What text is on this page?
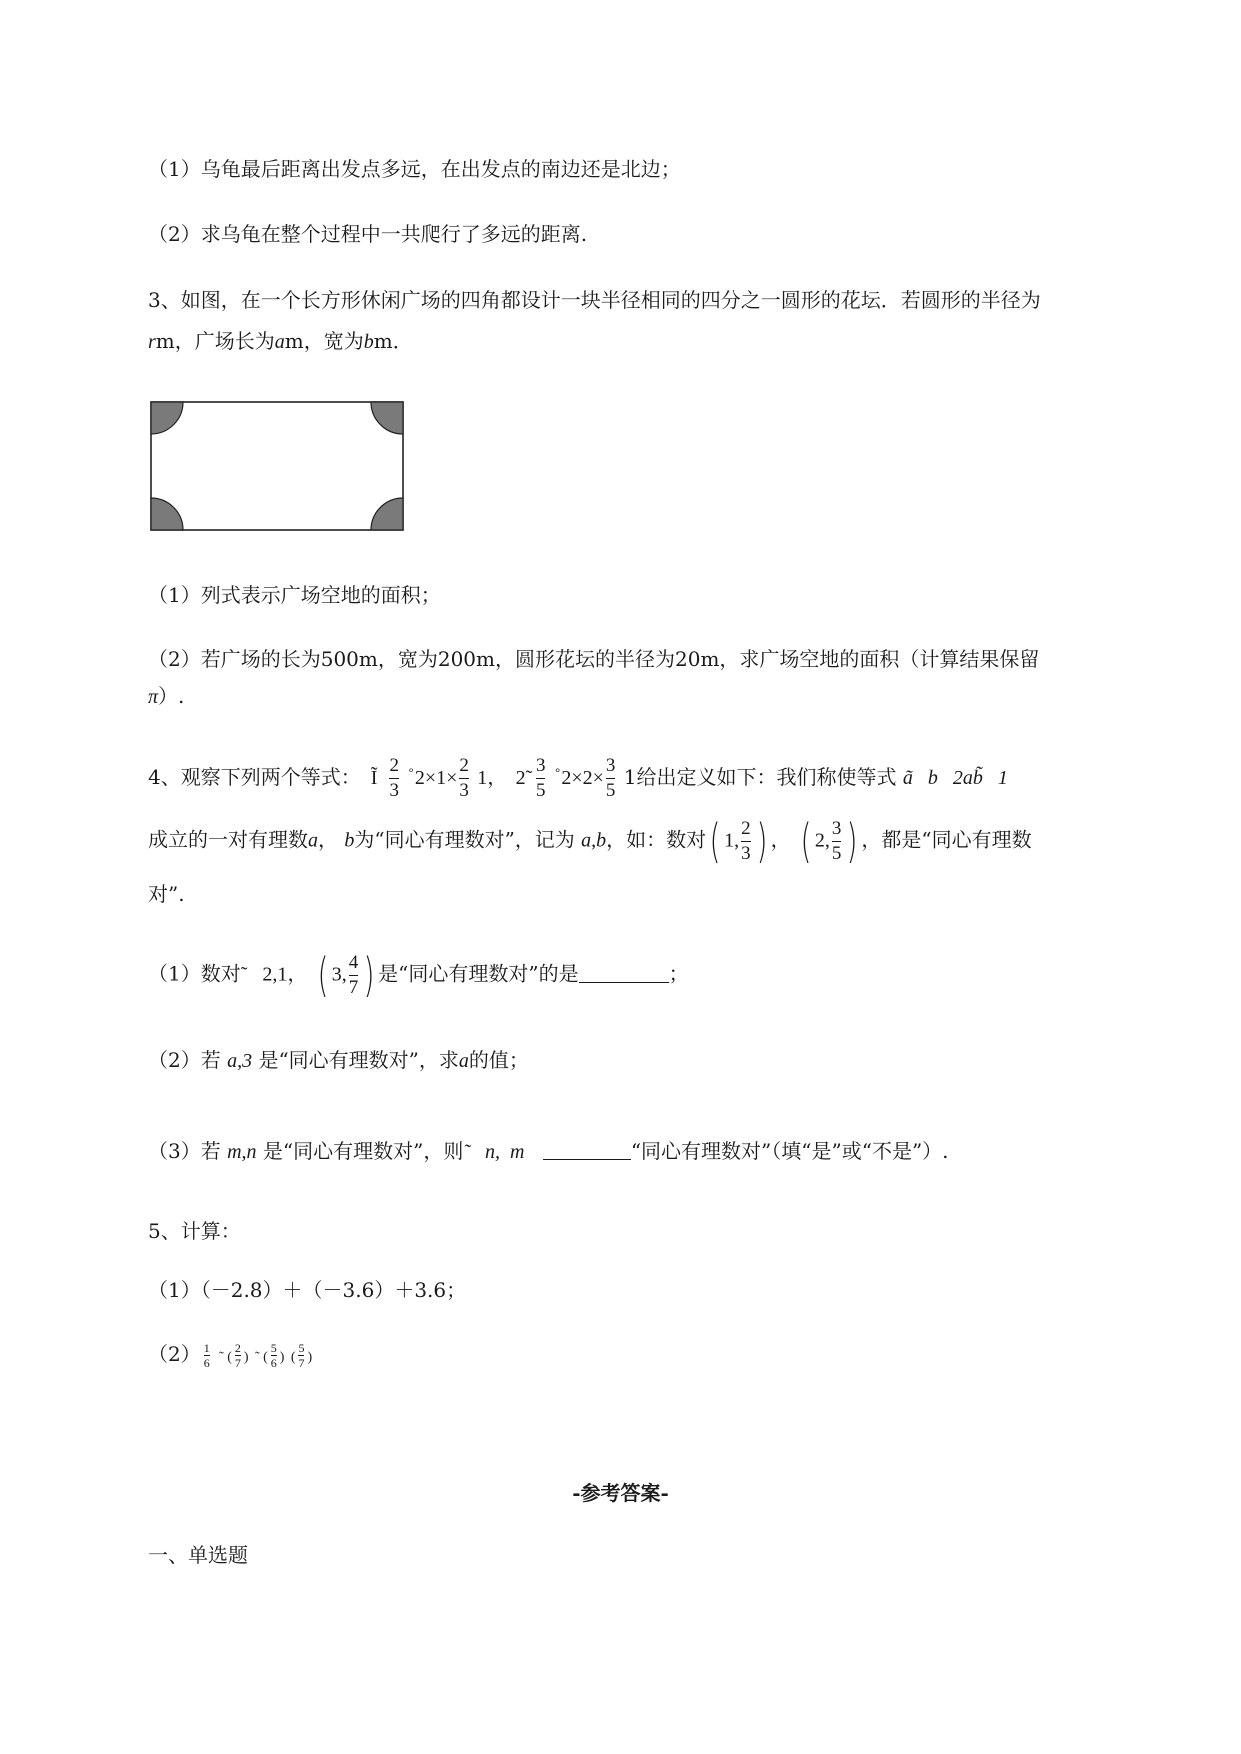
（1）乌龟最后距离出发点多远，在出发点的南边还是北边；
（2）求乌龟在整个过程中一共爬行了多远的距离.
3、如图，在一个长方形休闲广场的四角都设计一块半径相同的四分之一圆形的花坛．若圆形的半径为
rm，广场长为am，宽为bm．
（1）列式表示广场空地的面积；
（2）若广场的长为500m，宽为200m，圆形花坛的半径为20m，求广场空地的面积（计算结果保留
π）.
4、观察下列两个等式： Ĩ $\frac{2}{3} ^\circ 2\times 1\times \frac{2}{3} 1$， 2̃ $\frac{3}{5} ^\circ 2\times 2\times \frac{3}{5} 1$给出定义如下：我们称使等式 ã   b   2ab̃   1
成立的一对有理数a， b为“同心有理数对”，记为 a,b，如：数对( 1, $\frac{2}{3}$ ) ， ( 2, $\frac{3}{5}$ ) ，都是“同心有理数
对”.
（1）数对˜   2,1， ( 3, $\frac{4}{7}$ ) 是“同心有理数对”的是	；
（2）若 a,3 是“同心有理数对”，求a的值；
（3）若 m,n 是“同心有理数对”，则˜   n,  m	“同心有理数对”（填“是”或“不是”）.
5、计算：
（1）（－2.8）＋（－3.6）＋3.6；
$(2) \frac{1}{6}$ ˜ ( $\frac{2}{7}$ ) ˜ ( $\frac{5}{6}$ ) ( $\frac{5}{7}$ )
-参考答案-
一、单选题
